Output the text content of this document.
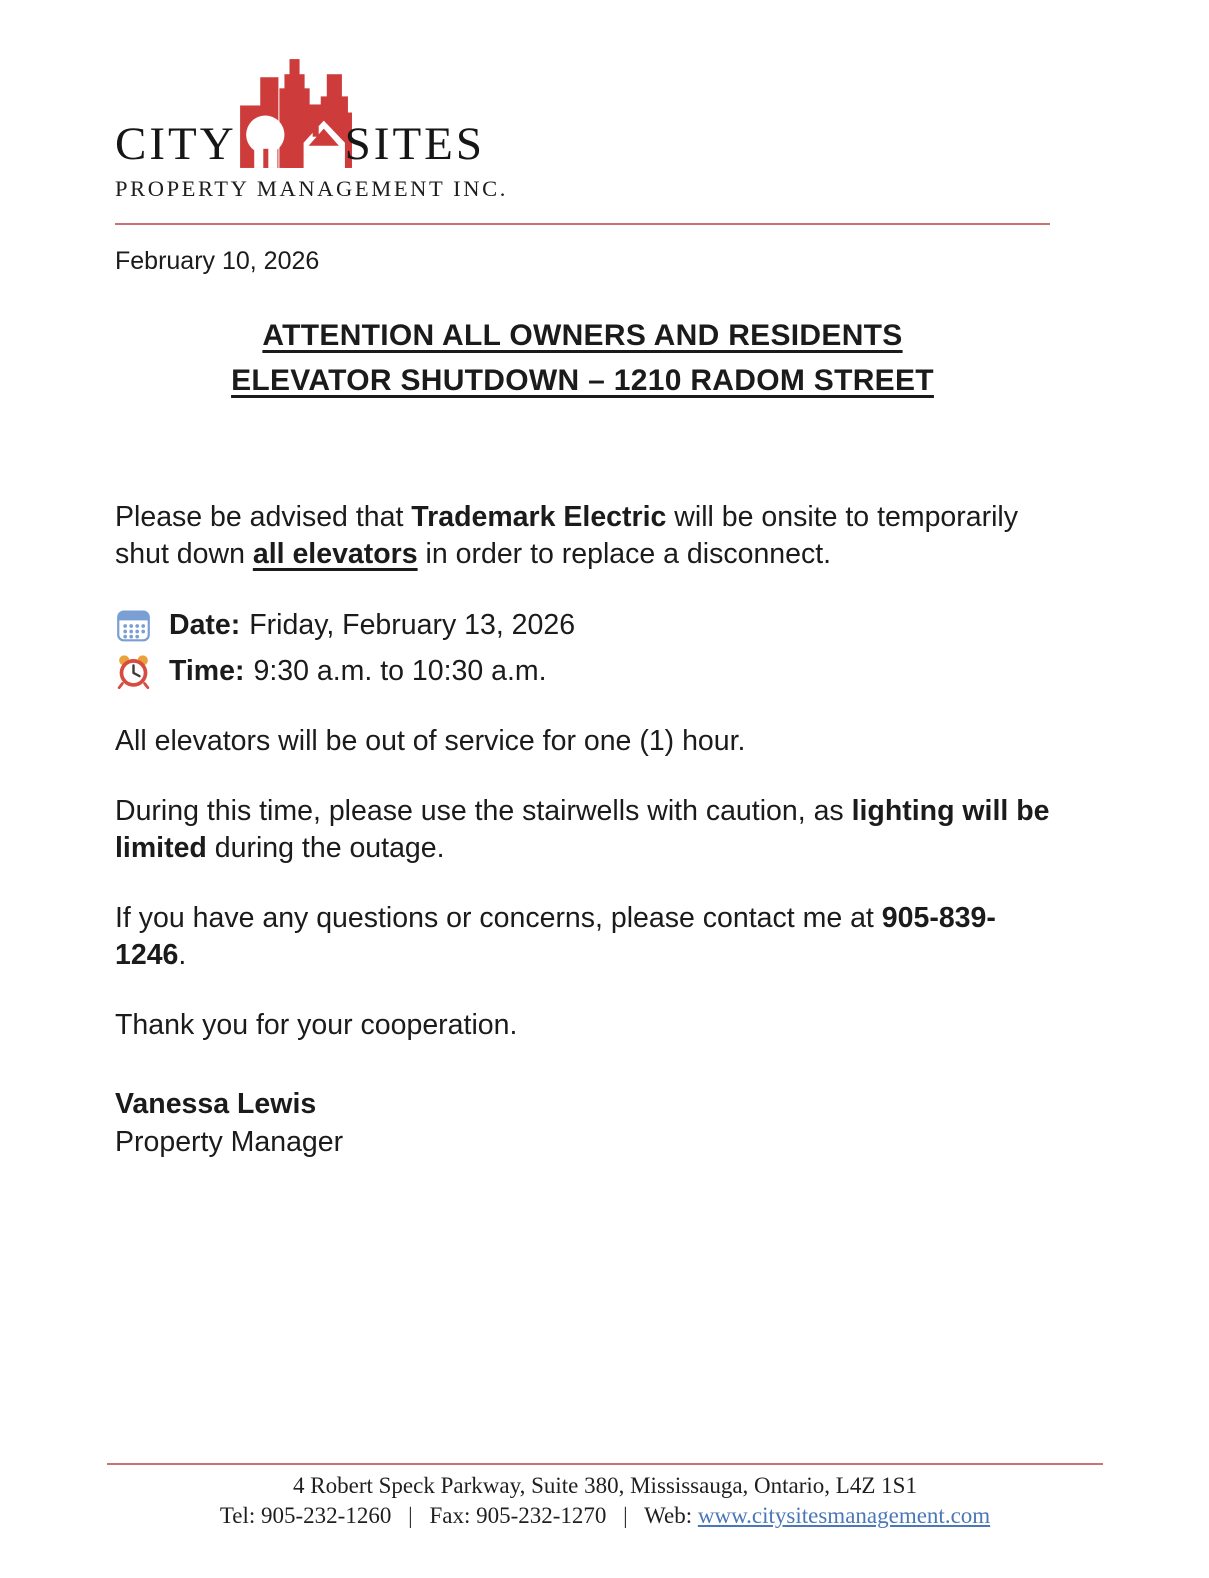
CITY SITES
PROPERTY MANAGEMENT INC.
February 10, 2026
ATTENTION ALL OWNERS AND RESIDENTS
ELEVATOR SHUTDOWN – 1210 RADOM STREET

Please be advised that Trademark Electric will be onsite to temporarily shut down all elevators in order to replace a disconnect.

Date: Friday, February 13, 2026
Time: 9:30 a.m. to 10:30 a.m.

All elevators will be out of service for one (1) hour.

During this time, please use the stairwells with caution, as lighting will be limited during the outage.

If you have any questions or concerns, please contact me at 905-839-1246.

Thank you for your cooperation.

Vanessa Lewis
Property Manager
4 Robert Speck Parkway, Suite 380, Mississauga, Ontario, L4Z 1S1
Tel: 905-232-1260 | Fax: 905-232-1270 | Web: www.citysitesmanagement.com
